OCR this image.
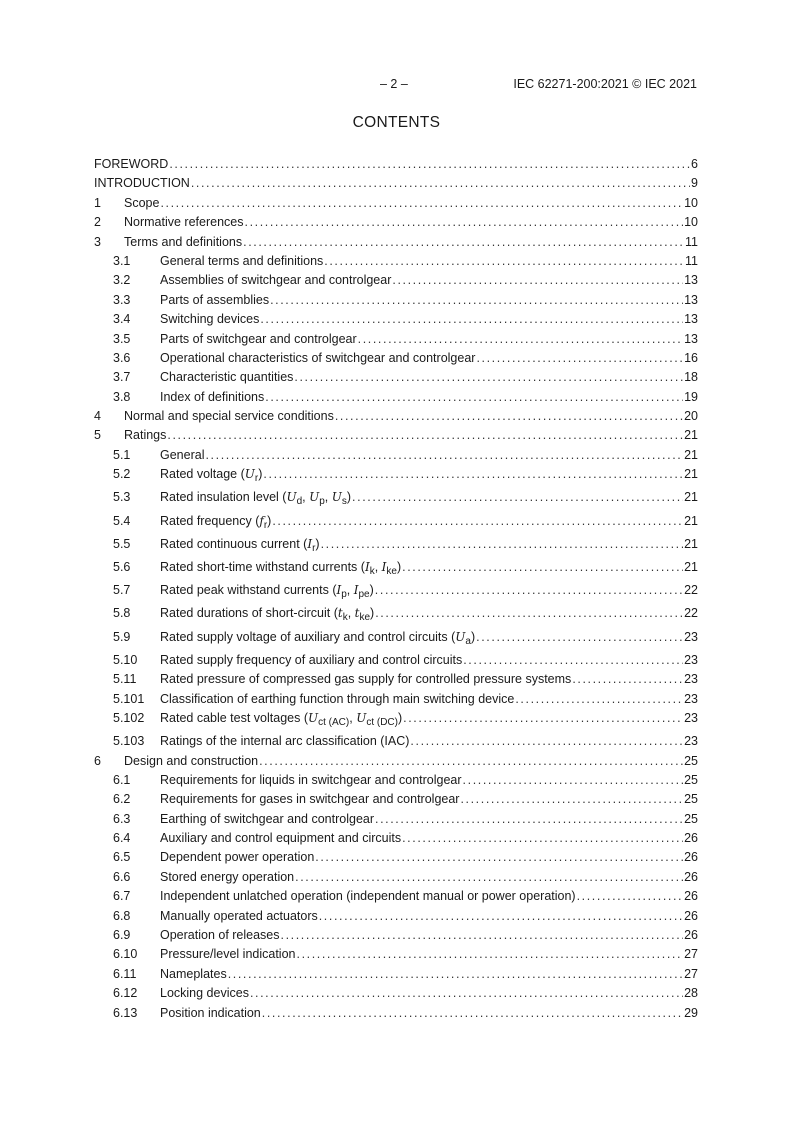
– 2 –	IEC 62271-200:2021 © IEC 2021
CONTENTS
FOREWORD .....	6
INTRODUCTION .....	9
1	Scope .....	10
2	Normative references .....	10
3	Terms and definitions .....	11
3.1	General terms and definitions .....	11
3.2	Assemblies of switchgear and controlgear .....	13
3.3	Parts of assemblies .....	13
3.4	Switching devices .....	13
3.5	Parts of switchgear and controlgear .....	13
3.6	Operational characteristics of switchgear and controlgear .....	16
3.7	Characteristic quantities .....	18
3.8	Index of definitions .....	19
4	Normal and special service conditions .....	20
5	Ratings .....	21
5.1	General .....	21
5.2	Rated voltage $(U_r)$ .....	21
5.3	Rated insulation level ($U_d$, $U_p$, $U_s$) .....	21
5.4	Rated frequency $(f_r)$ .....	21
5.5	Rated continuous current $(I_r)$ .....	21
5.6	Rated short-time withstand currents ($I_k$, $I_{ke}$) .....	21
5.7	Rated peak withstand currents ($I_p$, $I_{pe}$) .....	22
5.8	Rated durations of short-circuit ($t_k$, $t_{ke}$) .....	22
5.9	Rated supply voltage of auxiliary and control circuits $(U_a)$ .....	23
5.10	Rated supply frequency of auxiliary and control circuits .....	23
5.11	Rated pressure of compressed gas supply for controlled pressure systems .....	23
5.101	Classification of earthing function through main switching device .....	23
5.102	Rated cable test voltages ($U_{ct (AC)}$, $U_{ct (DC)}$) .....	23
5.103	Ratings of the internal arc classification (IAC) .....	23
6	Design and construction .....	25
6.1	Requirements for liquids in switchgear and controlgear .....	25
6.2	Requirements for gases in switchgear and controlgear .....	25
6.3	Earthing of switchgear and controlgear .....	25
6.4	Auxiliary and control equipment and circuits .....	26
6.5	Dependent power operation .....	26
6.6	Stored energy operation .....	26
6.7	Independent unlatched operation (independent manual or power operation) .....	26
6.8	Manually operated actuators .....	26
6.9	Operation of releases .....	26
6.10	Pressure/level indication .....	27
6.11	Nameplates .....	27
6.12	Locking devices .....	28
6.13	Position indication .....	29
